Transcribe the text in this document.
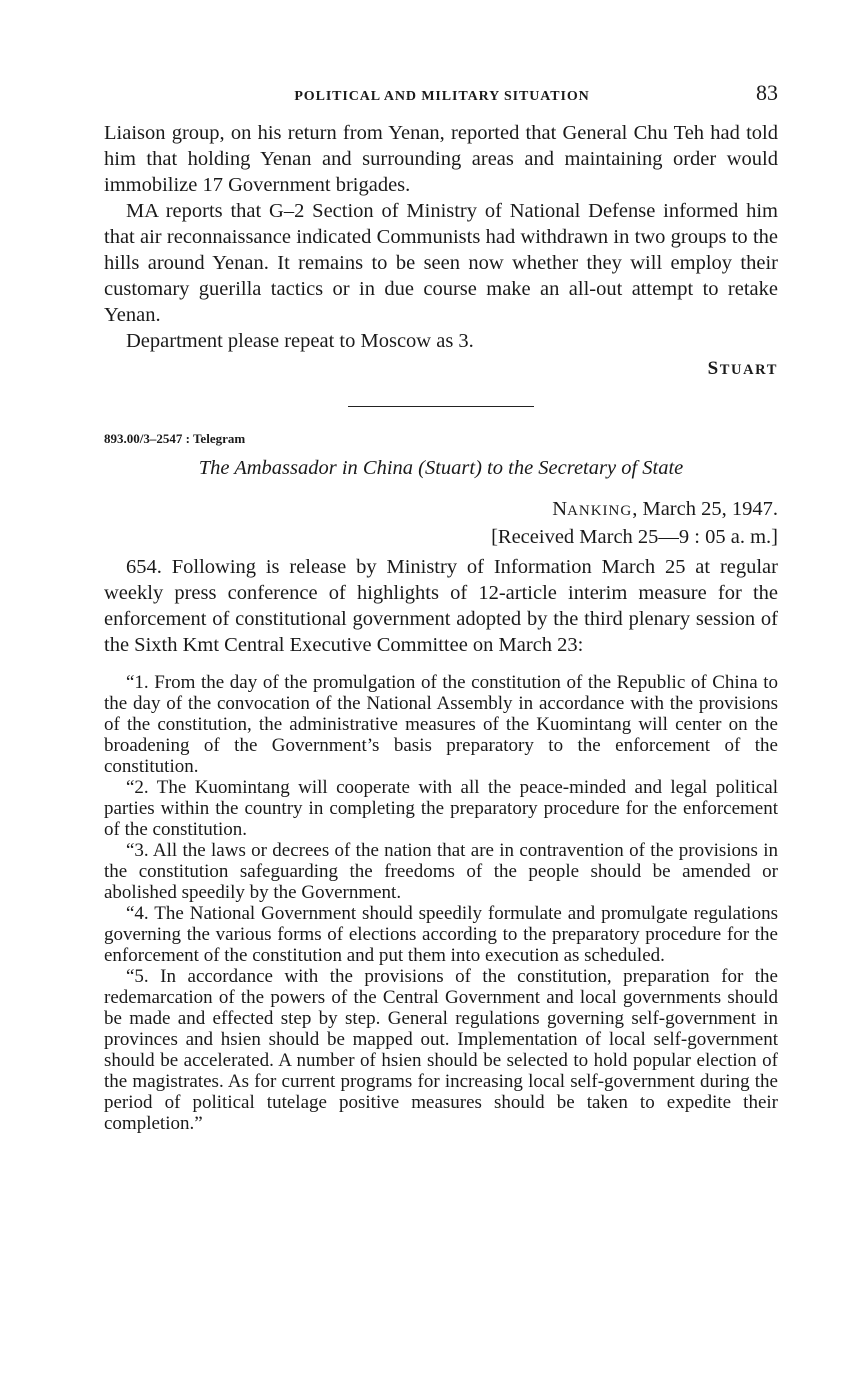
POLITICAL AND MILITARY SITUATION	83

Liaison group, on his return from Yenan, reported that General Chu Teh had told him that holding Yenan and surrounding areas and maintaining order would immobilize 17 Government brigades.

MA reports that G–2 Section of Ministry of National Defense informed him that air reconnaissance indicated Communists had withdrawn in two groups to the hills around Yenan. It remains to be seen now whether they will employ their customary guerilla tactics or in due course make an all-out attempt to retake Yenan.

Department please repeat to Moscow as 3.

STUART
893.00/3–2547 : Telegram
The Ambassador in China (Stuart) to the Secretary of State
NANKING, March 25, 1947.
[Received March 25—9 : 05 a. m.]

654. Following is release by Ministry of Information March 25 at regular weekly press conference of highlights of 12-article interim measure for the enforcement of constitutional government adopted by the third plenary session of the Sixth Kmt Central Executive Committee on March 23:

“1. From the day of the promulgation of the constitution of the Republic of China to the day of the convocation of the National Assembly in accordance with the provisions of the constitution, the administrative measures of the Kuomintang will center on the broadening of the Government’s basis preparatory to the enforcement of the constitution.

“2. The Kuomintang will cooperate with all the peace-minded and legal political parties within the country in completing the preparatory procedure for the enforcement of the constitution.

“3. All the laws or decrees of the nation that are in contravention of the provisions in the constitution safeguarding the freedoms of the people should be amended or abolished speedily by the Government.

“4. The National Government should speedily formulate and promulgate regulations governing the various forms of elections according to the preparatory procedure for the enforcement of the constitution and put them into execution as scheduled.

“5. In accordance with the provisions of the constitution, preparation for the redemarcation of the powers of the Central Government and local governments should be made and effected step by step. General regulations governing self-government in provinces and hsien should be mapped out. Implementation of local self-government should be accelerated. A number of hsien should be selected to hold popular election of the magistrates. As for current programs for increasing local self-government during the period of political tutelage positive measures should be taken to expedite their completion.”
